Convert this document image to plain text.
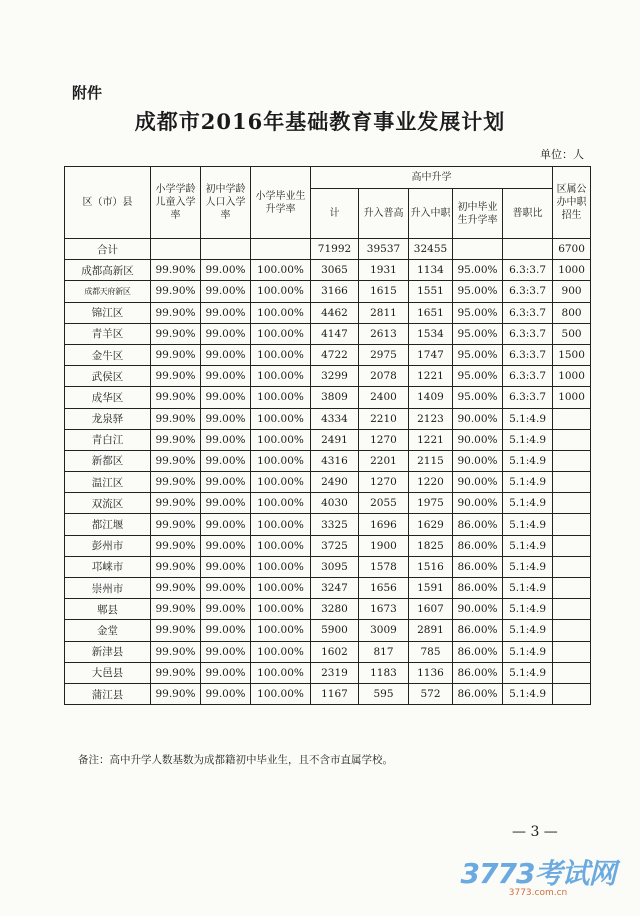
附件
成都市2016年基础教育事业发展计划
单位：人
区（市）县	小学学龄儿童入学率	初中学龄人口入学率	小学毕业生升学率	高中升学					区属公办中职招生
				计	升入普高	升入中职	初中毕业生升学率	普职比	
合计				71992	39537	32455			6700
成都高新区	99.90%	99.00%	100.00%	3065	1931	1134	95.00%	6.3:3.7	1000
成都天府新区	99.90%	99.00%	100.00%	3166	1615	1551	95.00%	6.3:3.7	900
锦江区	99.90%	99.00%	100.00%	4462	2811	1651	95.00%	6.3:3.7	800
青羊区	99.90%	99.00%	100.00%	4147	2613	1534	95.00%	6.3:3.7	500
金牛区	99.90%	99.00%	100.00%	4722	2975	1747	95.00%	6.3:3.7	1500
武侯区	99.90%	99.00%	100.00%	3299	2078	1221	95.00%	6.3:3.7	1000
成华区	99.90%	99.00%	100.00%	3809	2400	1409	95.00%	6.3:3.7	1000
龙泉驿	99.90%	99.00%	100.00%	4334	2210	2123	90.00%	5.1:4.9	
青白江	99.90%	99.00%	100.00%	2491	1270	1221	90.00%	5.1:4.9	
新都区	99.90%	99.00%	100.00%	4316	2201	2115	90.00%	5.1:4.9	
温江区	99.90%	99.00%	100.00%	2490	1270	1220	90.00%	5.1:4.9	
双流区	99.90%	99.00%	100.00%	4030	2055	1975	90.00%	5.1:4.9	
都江堰	99.90%	99.00%	100.00%	3325	1696	1629	86.00%	5.1:4.9	
彭州市	99.90%	99.00%	100.00%	3725	1900	1825	86.00%	5.1:4.9	
邛崃市	99.90%	99.00%	100.00%	3095	1578	1516	86.00%	5.1:4.9	
崇州市	99.90%	99.00%	100.00%	3247	1656	1591	86.00%	5.1:4.9	
郫县	99.90%	99.00%	100.00%	3280	1673	1607	90.00%	5.1:4.9	
金堂	99.90%	99.00%	100.00%	5900	3009	2891	86.00%	5.1:4.9	
新津县	99.90%	99.00%	100.00%	1602	817	785	86.00%	5.1:4.9	
大邑县	99.90%	99.00%	100.00%	2319	1183	1136	86.00%	5.1:4.9	
蒲江县	99.90%	99.00%	100.00%	1167	595	572	86.00%	5.1:4.9	
备注：高中升学人数基数为成都籍初中毕业生，且不含市直属学校。
— 3 —
3773考试网
3773.com.cn
